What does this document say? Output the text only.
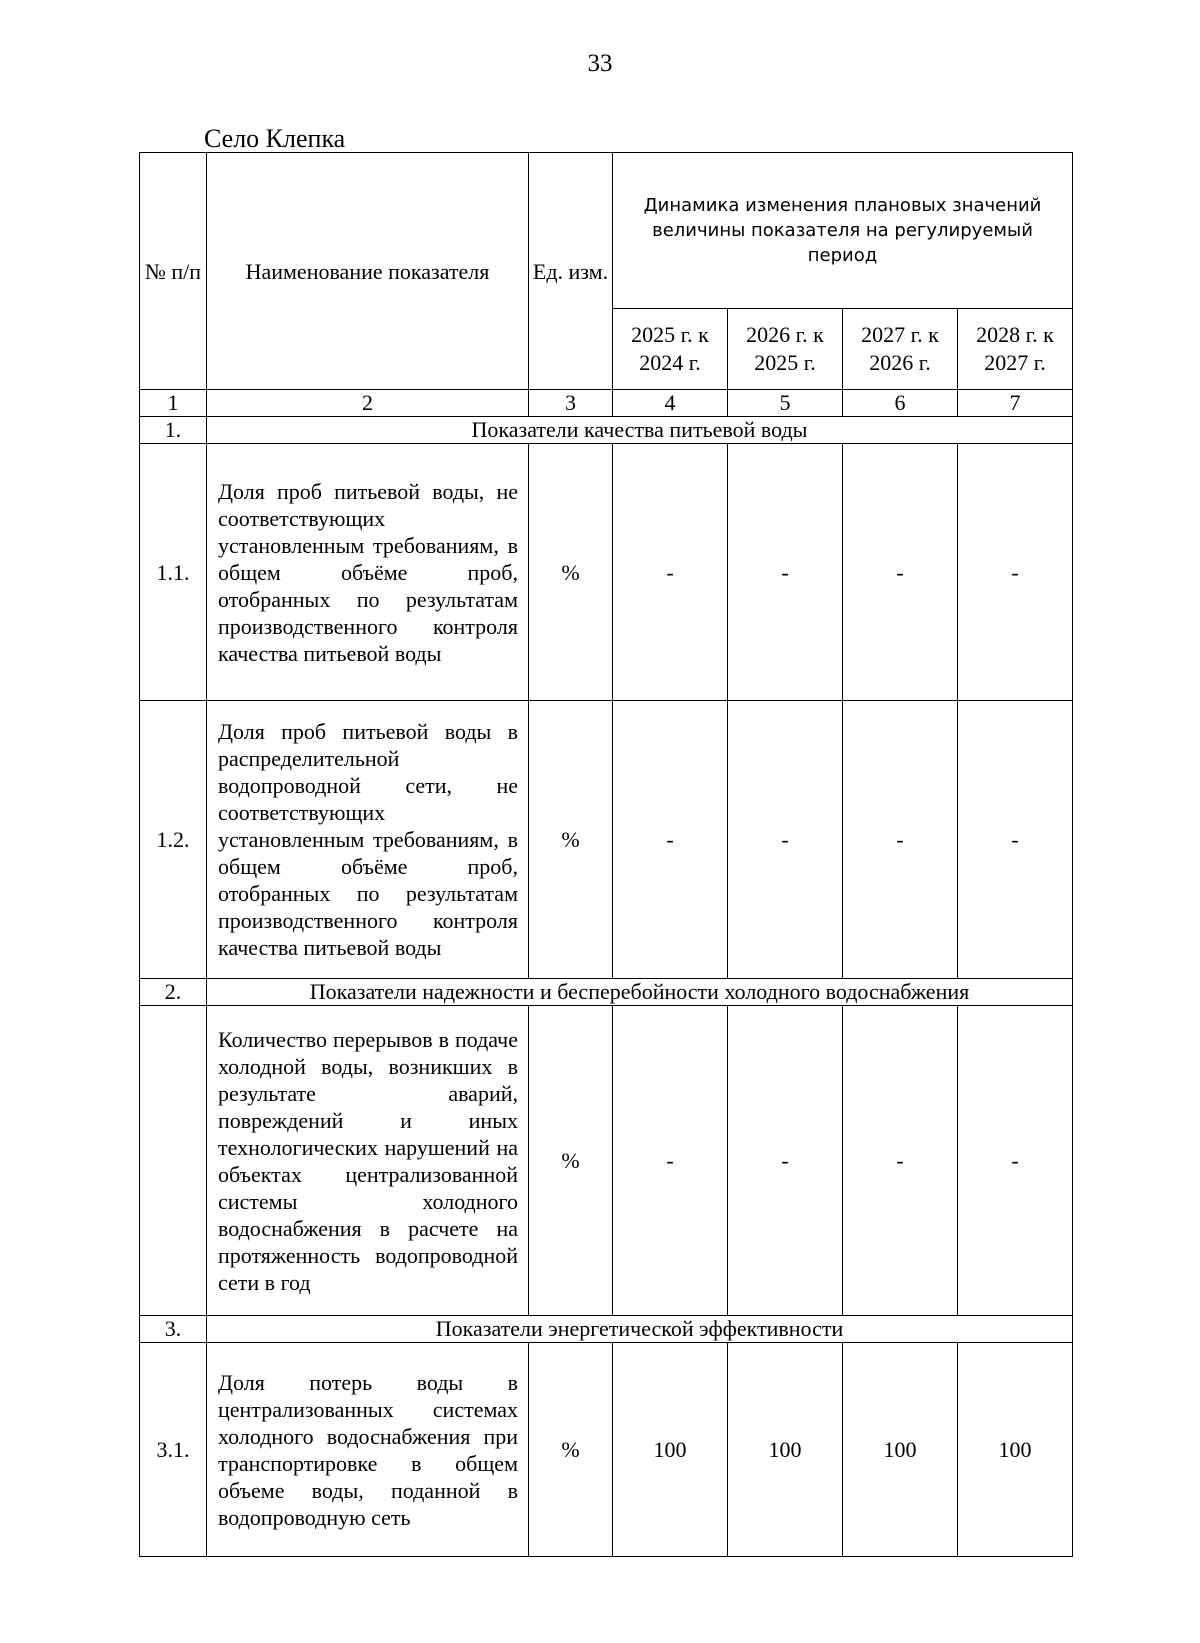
33
Село Клепка
№ п/п	Наименование показателя	Ед. изм.	Динамика изменения плановых значений величины показателя на регулируемый период			
			2025 г. к 2024 г.	2026 г. к 2025 г.	2027 г. к 2026 г.	2028 г. к 2027 г.
1	2	3	4	5	6	7
1.	Показатели качества питьевой воды					
1.1.	Доля проб питьевой воды, не соответствующих установленным требованиям, в общем объёме проб, отобранных по результатам производственного контроля качества питьевой воды	%	-	-	-	-
1.2.	Доля проб питьевой воды в распределительной водопроводной сети, не соответствующих установленным требованиям, в общем объёме проб, отобранных по результатам производственного контроля качества питьевой воды	%	-	-	-	-
2.	Показатели надежности и бесперебойности холодного водоснабжения					
	Количество перерывов в подаче холодной воды, возникших в результате аварий, повреждений и иных технологических нарушений на объектах централизованной системы холодного водоснабжения в расчете на протяженность водопроводной сети в год	%	-	-	-	-
3.	Показатели энергетической эффективности					
3.1.	Доля потерь воды в централизованных системах холодного водоснабжения при транспортировке в общем объеме воды, поданной в водопроводную сеть	%	100	100	100	100
